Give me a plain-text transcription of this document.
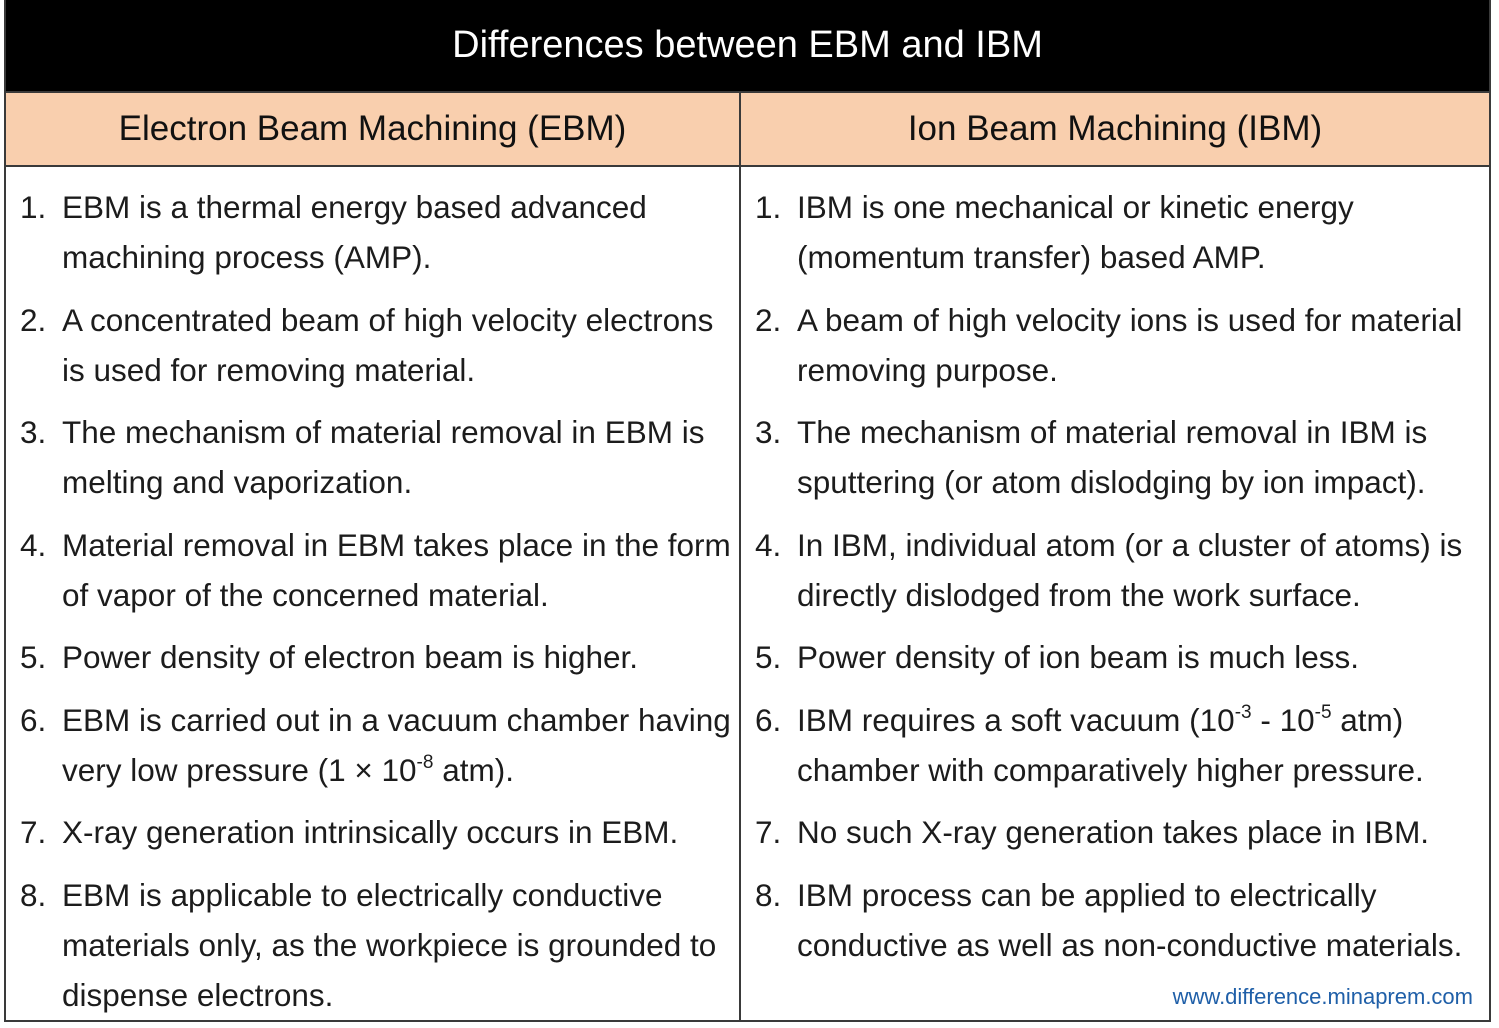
Differences between EBM and IBM
Electron Beam Machining (EBM)	Ion Beam Machining (IBM)
1. EBM is a thermal energy based advanced machining process (AMP).
2. A concentrated beam of high velocity electrons is used for removing material.
3. The mechanism of material removal in EBM is melting and vaporization.
4. Material removal in EBM takes place in the form of vapor of the concerned material.
5. Power density of electron beam is higher.
6. EBM is carried out in a vacuum chamber having very low pressure ($1 \times 10^{-8}$ atm).
7. X-ray generation intrinsically occurs in EBM.
8. EBM is applicable to electrically conductive materials only, as the workpiece is grounded to dispense electrons.
1. IBM is one mechanical or kinetic energy (momentum transfer) based AMP.
2. A beam of high velocity ions is used for material removing purpose.
3. The mechanism of material removal in IBM is sputtering (or atom dislodging by ion impact).
4. In IBM, individual atom (or a cluster of atoms) is directly dislodged from the work surface.
5. Power density of ion beam is much less.
6. IBM requires a soft vacuum ($10^{-3} - 10^{-5}$ atm) chamber with comparatively higher pressure.
7. No such X-ray generation takes place in IBM.
8. IBM process can be applied to electrically conductive as well as non-conductive materials.
www.difference.minaprem.com
